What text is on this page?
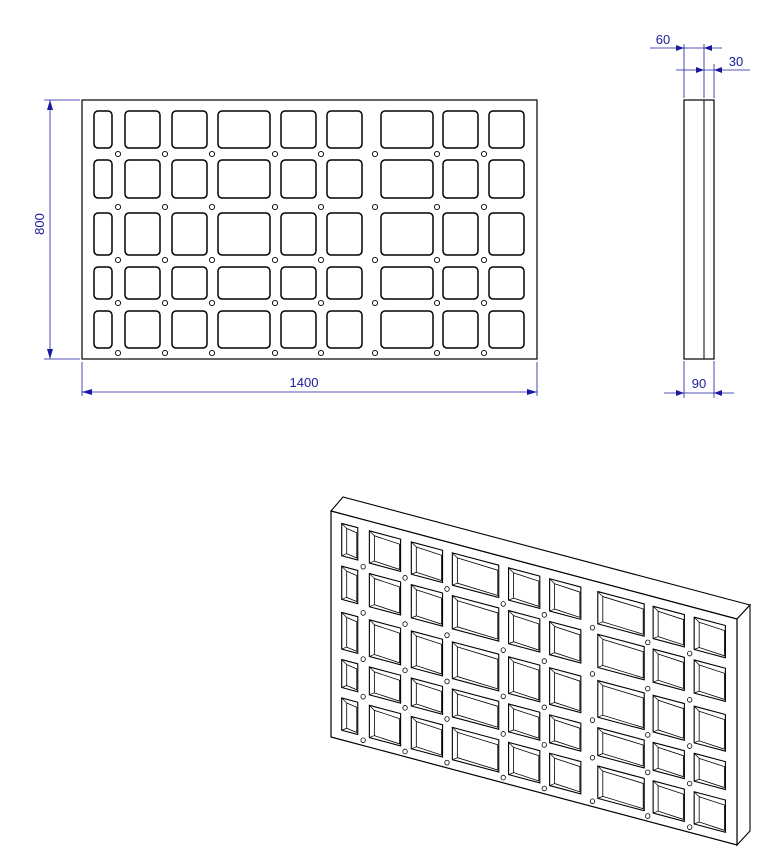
800
1400
60
30
90
